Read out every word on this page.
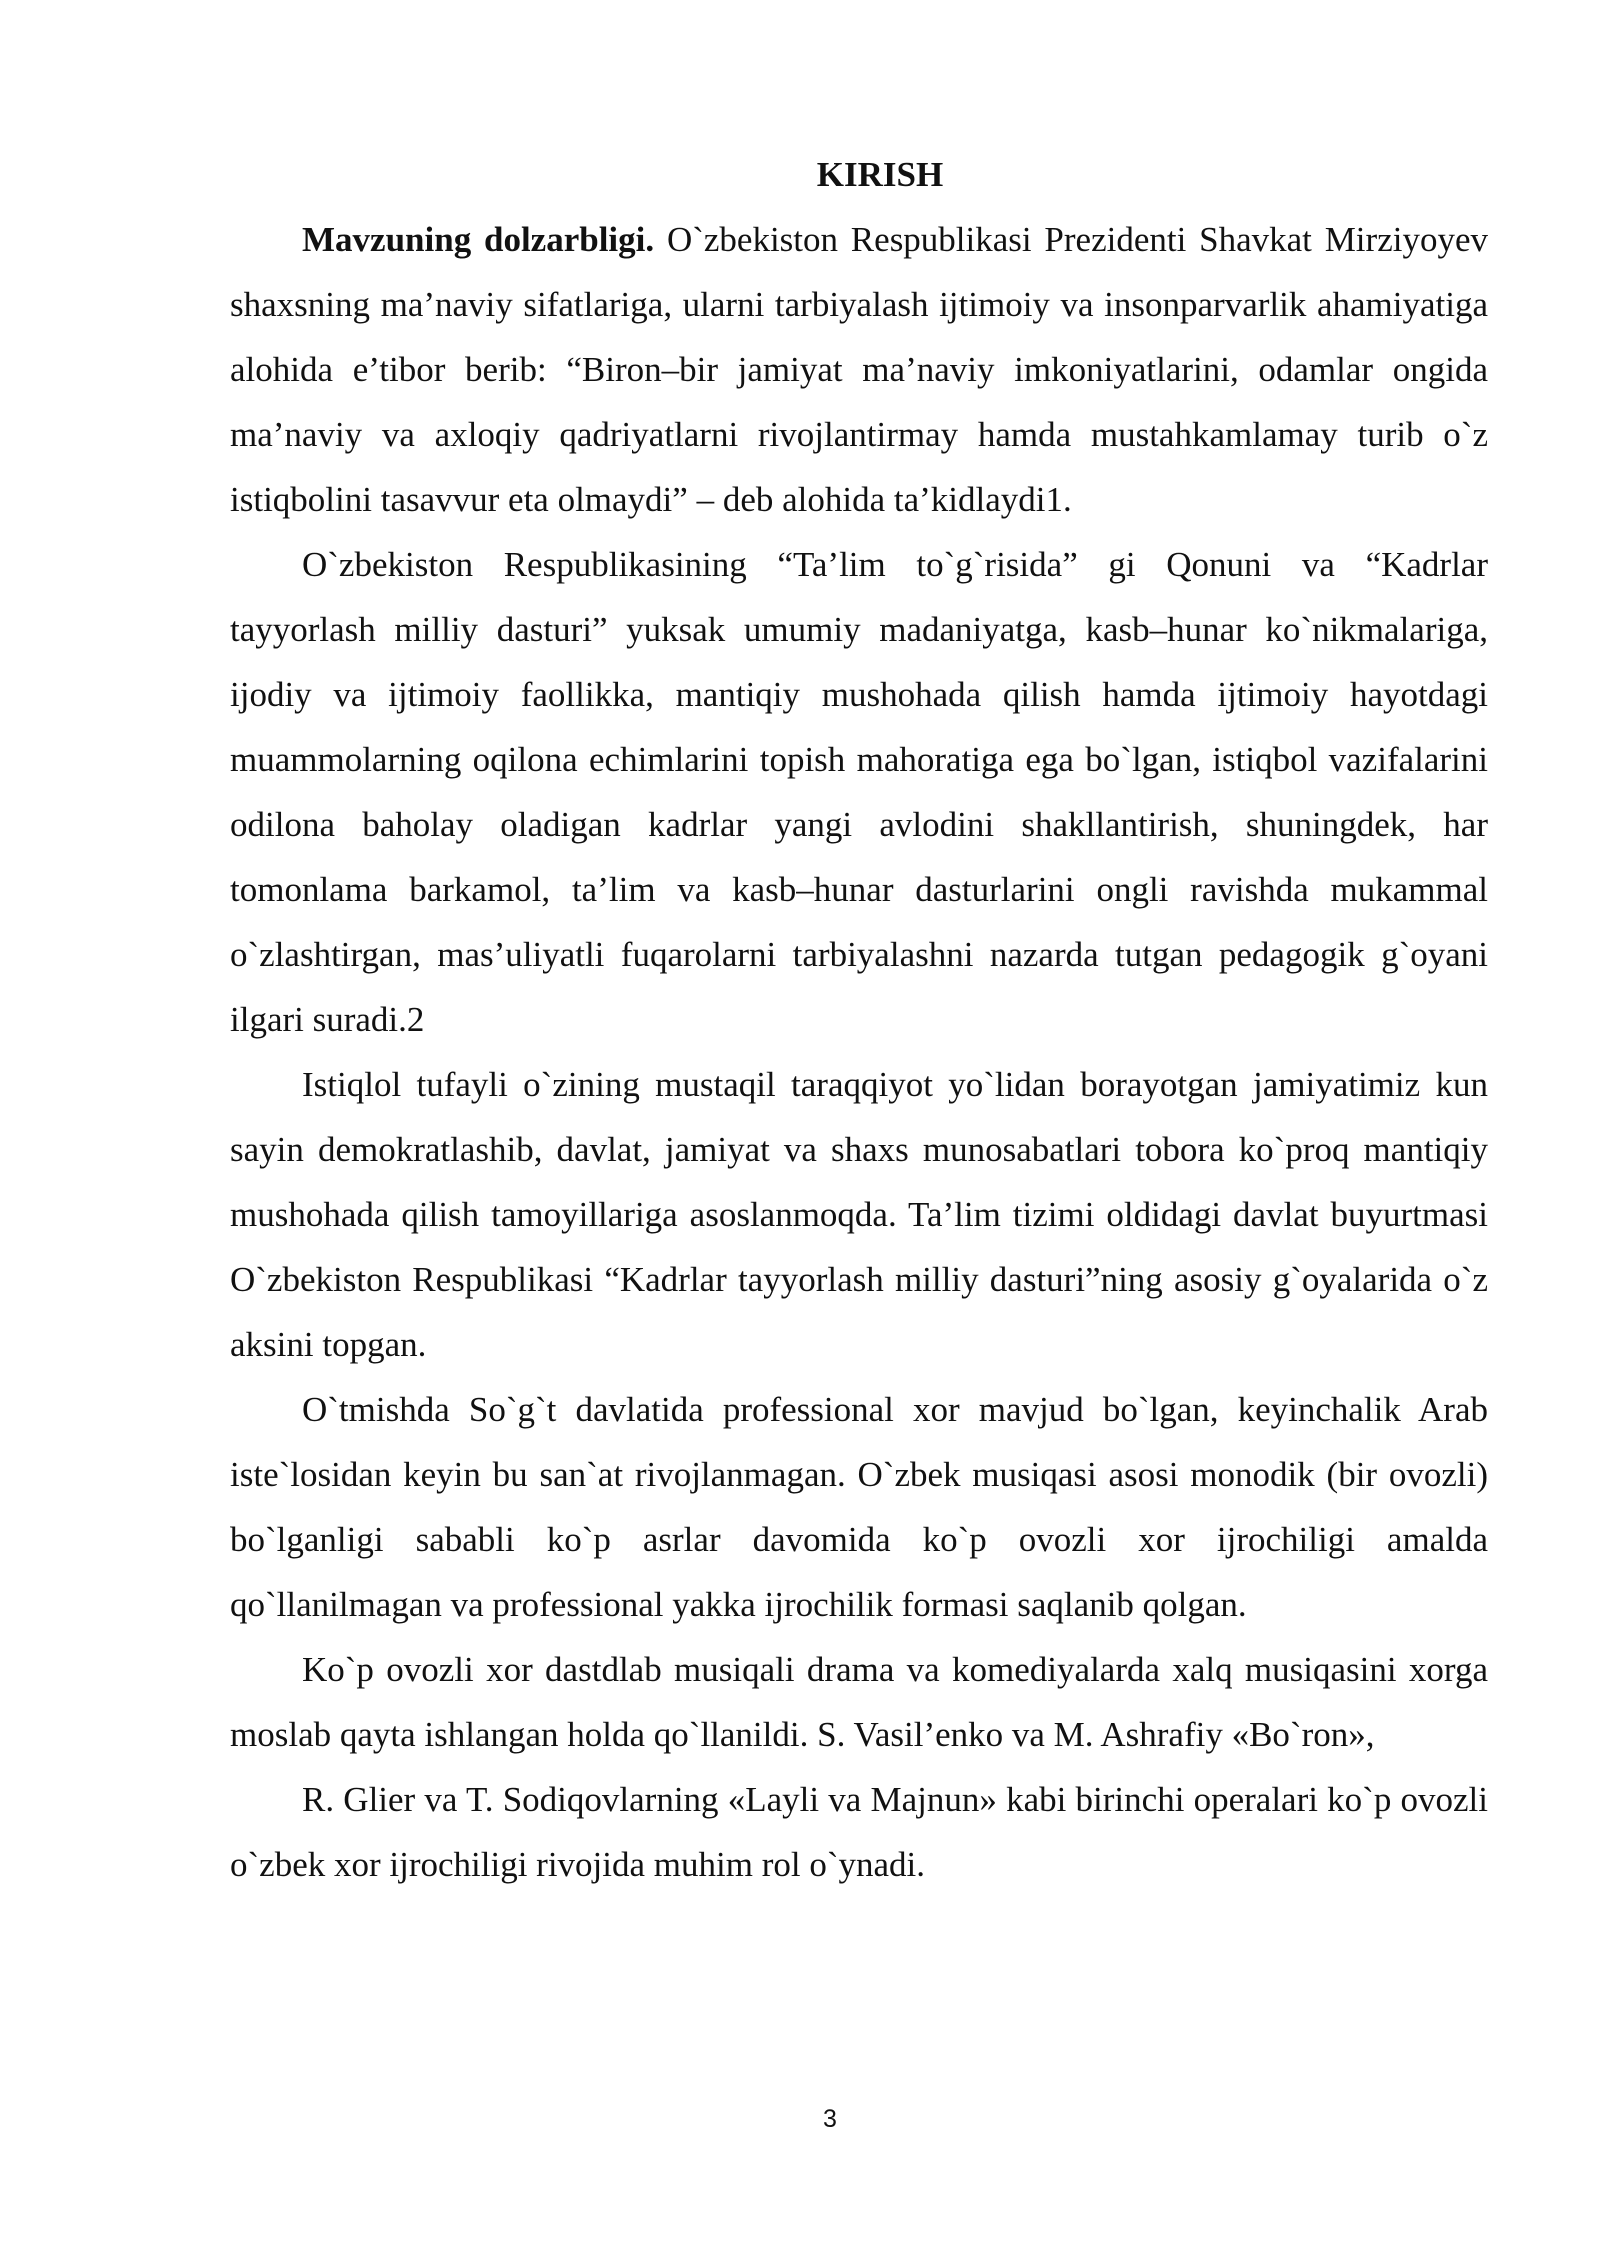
KIRISH

Mavzuning dolzarbligi. O`zbekiston Respublikasi Prezidenti Shavkat Mirziyoyev shaxsning ma’naviy sifatlariga, ularni tarbiyalash ijtimoiy va insonparvarlik ahamiyatiga alohida e’tibor berib: “Biron–bir jamiyat ma’naviy imkoniyatlarini, odamlar ongida ma’naviy va axloqiy qadriyatlarni rivojlantirmay hamda mustahkamlamay turib o`z istiqbolini tasavvur eta olmaydi” – deb alohida ta’kidlaydi1.

O`zbekiston Respublikasining “Ta’lim to`g`risida” gi Qonuni va “Kadrlar tayyorlash milliy dasturi” yuksak umumiy madaniyatga, kasb–hunar ko`nikmalariga, ijodiy va ijtimoiy faollikka, mantiqiy mushohada qilish hamda ijtimoiy hayotdagi muammolarning oqilona echimlarini topish mahoratiga ega bo`lgan, istiqbol vazifalarini odilona baholay oladigan kadrlar yangi avlodini shakllantirish, shuningdek, har tomonlama barkamol, ta’lim va kasb–hunar dasturlarini ongli ravishda mukammal o`zlashtirgan, mas’uliyatli fuqarolarni tarbiyalashni nazarda tutgan pedagogik g`oyani ilgari suradi.2

Istiqlol tufayli o`zining mustaqil taraqqiyot yo`lidan borayotgan jamiyatimiz kun sayin demokratlashib, davlat, jamiyat va shaxs munosabatlari tobora ko`proq mantiqiy mushohada qilish tamoyillariga asoslanmoqda. Ta’lim tizimi oldidagi davlat buyurtmasi O`zbekiston Respublikasi “Kadrlar tayyorlash milliy dasturi”ning asosiy g`oyalarida o`z aksini topgan.

O`tmishda So`g`t davlatida professional xor mavjud bo`lgan, keyinchalik Arab iste`losidan keyin bu san`at rivojlanmagan. O`zbek musiqasi asosi monodik (bir ovozli) bo`lganligi sababli ko`p asrlar davomida ko`p ovozli xor ijrochiligi amalda qo`llanilmagan va professional yakka ijrochilik formasi saqlanib qolgan.

Ko`p ovozli xor dastdlab musiqali drama va komediyalarda xalq musiqasini xorga moslab qayta ishlangan holda qo`llanildi. S. Vasil’enko va M. Ashrafiy «Bo`ron»,

R. Glier va T. Sodiqovlarning «Layli va Majnun» kabi birinchi operalari ko`p ovozli o`zbek xor ijrochiligi rivojida muhim rol o`ynadi.

3
